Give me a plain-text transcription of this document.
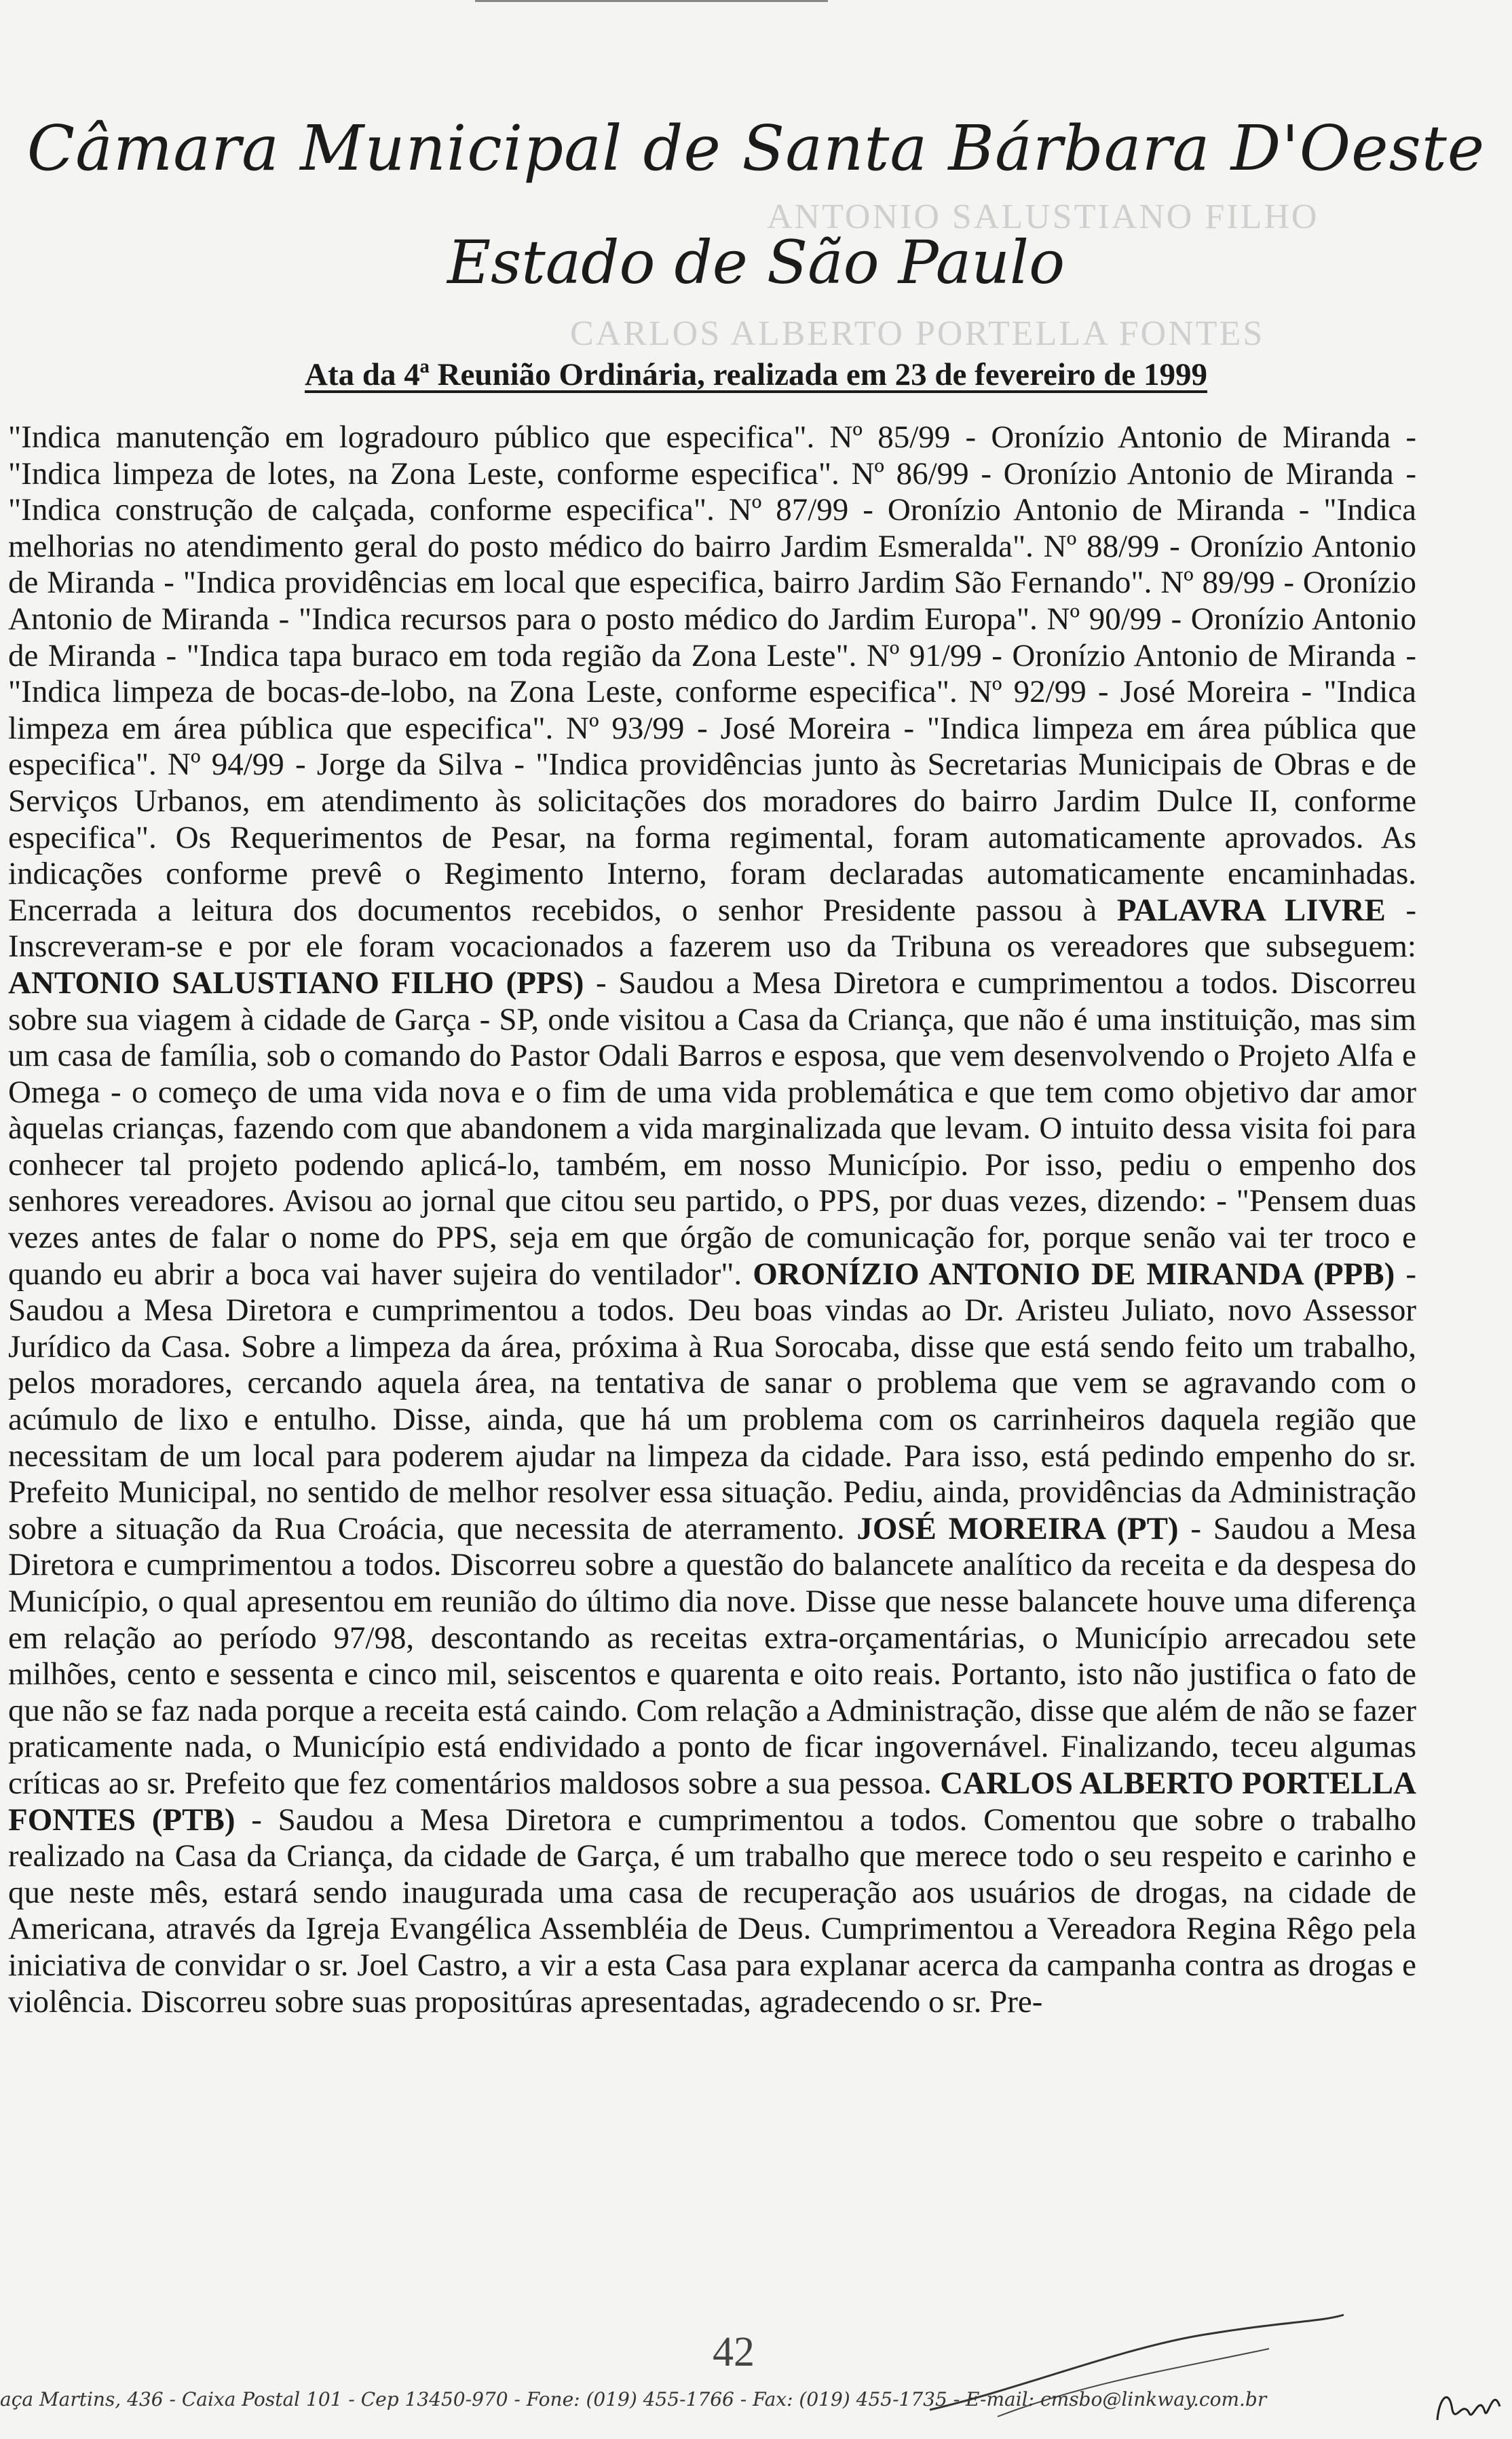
ANTONIO SALUSTIANO FILHO
CARLOS ALBERTO PORTELLA FONTES
Câmara Municipal de Santa Bárbara D'Oeste
Estado de São Paulo
Ata da 4ª Reunião Ordinária, realizada em 23 de fevereiro de 1999

"Indica manutenção em logradouro público que especifica". Nº 85/99 - Oronízio Antonio de Miranda - "Indica limpeza de lotes, na Zona Leste, conforme especifica". Nº 86/99 - Oronízio Antonio de Miranda - "Indica construção de calçada, conforme especifica". Nº 87/99 - Oronízio Antonio de Miranda - "Indica melhorias no atendimento geral do posto médico do bairro Jardim Esmeralda". Nº 88/99 - Oronízio Antonio de Miranda - "Indica providências em local que especifica, bairro Jardim São Fernando". Nº 89/99 - Oronízio Antonio de Miranda - "Indica recursos para o posto médico do Jardim Europa". Nº 90/99 - Oronízio Antonio de Miranda - "Indica tapa buraco em toda região da Zona Leste". Nº 91/99 - Oronízio Antonio de Miranda - "Indica limpeza de bocas-de-lobo, na Zona Leste, conforme especifica". Nº 92/99 - José Moreira - "Indica limpeza em área pública que especifica". Nº 93/99 - José Moreira - "Indica limpeza em área pública que especifica". Nº 94/99 - Jorge da Silva - "Indica providências junto às Secretarias Municipais de Obras e de Serviços Urbanos, em atendimento às solicitações dos moradores do bairro Jardim Dulce II, conforme especifica". Os Requerimentos de Pesar, na forma regimental, foram automaticamente aprovados. As indicações conforme prevê o Regimento Interno, foram declaradas automaticamente encaminhadas. Encerrada a leitura dos documentos recebidos, o senhor Presidente passou à PALAVRA LIVRE - Inscreveram-se e por ele foram vocacionados a fazerem uso da Tribuna os vereadores que subseguem: ANTONIO SALUSTIANO FILHO (PPS) - Saudou a Mesa Diretora e cumprimentou a todos. Discorreu sobre sua viagem à cidade de Garça - SP, onde visitou a Casa da Criança, que não é uma instituição, mas sim um casa de família, sob o comando do Pastor Odali Barros e esposa, que vem desenvolvendo o Projeto Alfa e Omega - o começo de uma vida nova e o fim de uma vida problemática e que tem como objetivo dar amor àquelas crianças, fazendo com que abandonem a vida marginalizada que levam. O intuito dessa visita foi para conhecer tal projeto podendo aplicá-lo, também, em nosso Município. Por isso, pediu o empenho dos senhores vereadores. Avisou ao jornal que citou seu partido, o PPS, por duas vezes, dizendo: - "Pensem duas vezes antes de falar o nome do PPS, seja em que órgão de comunicação for, porque senão vai ter troco e quando eu abrir a boca vai haver sujeira do ventilador". ORONÍZIO ANTONIO DE MIRANDA (PPB) - Saudou a Mesa Diretora e cumprimentou a todos. Deu boas vindas ao Dr. Aristeu Juliato, novo Assessor Jurídico da Casa. Sobre a limpeza da área, próxima à Rua Sorocaba, disse que está sendo feito um trabalho, pelos moradores, cercando aquela área, na tentativa de sanar o problema que vem se agravando com o acúmulo de lixo e entulho. Disse, ainda, que há um problema com os carrinheiros daquela região que necessitam de um local para poderem ajudar na limpeza da cidade. Para isso, está pedindo empenho do sr. Prefeito Municipal, no sentido de melhor resolver essa situação. Pediu, ainda, providências da Administração sobre a situação da Rua Croácia, que necessita de aterramento. JOSÉ MOREIRA (PT) - Saudou a Mesa Diretora e cumprimentou a todos. Discorreu sobre a questão do balancete analítico da receita e da despesa do Município, o qual apresentou em reunião do último dia nove. Disse que nesse balancete houve uma diferença em relação ao período 97/98, descontando as receitas extra-orçamentárias, o Município arrecadou sete milhões, cento e sessenta e cinco mil, seiscentos e quarenta e oito reais. Portanto, isto não justifica o fato de que não se faz nada porque a receita está caindo. Com relação a Administração, disse que além de não se fazer praticamente nada, o Município está endividado a ponto de ficar ingovernável. Finalizando, teceu algumas críticas ao sr. Prefeito que fez comentários maldosos sobre a sua pessoa. CARLOS ALBERTO PORTELLA FONTES (PTB) - Saudou a Mesa Diretora e cumprimentou a todos. Comentou que sobre o trabalho realizado na Casa da Criança, da cidade de Garça, é um trabalho que merece todo o seu respeito e carinho e que neste mês, estará sendo inaugurada uma casa de recuperação aos usuários de drogas, na cidade de Americana, através da Igreja Evangélica Assembléia de Deus. Cumprimentou a Vereadora Regina Rêgo pela iniciativa de convidar o sr. Joel Castro, a vir a esta Casa para explanar acerca da campanha contra as drogas e violência. Discorreu sobre suas propositúras apresentadas, agradecendo o sr. Pre-

42
aça Martins, 436 - Caixa Postal 101 - Cep 13450-970 - Fone: (019) 455-1766 - Fax: (019) 455-1735 - E-mail: cmsbo@linkway.com.br
